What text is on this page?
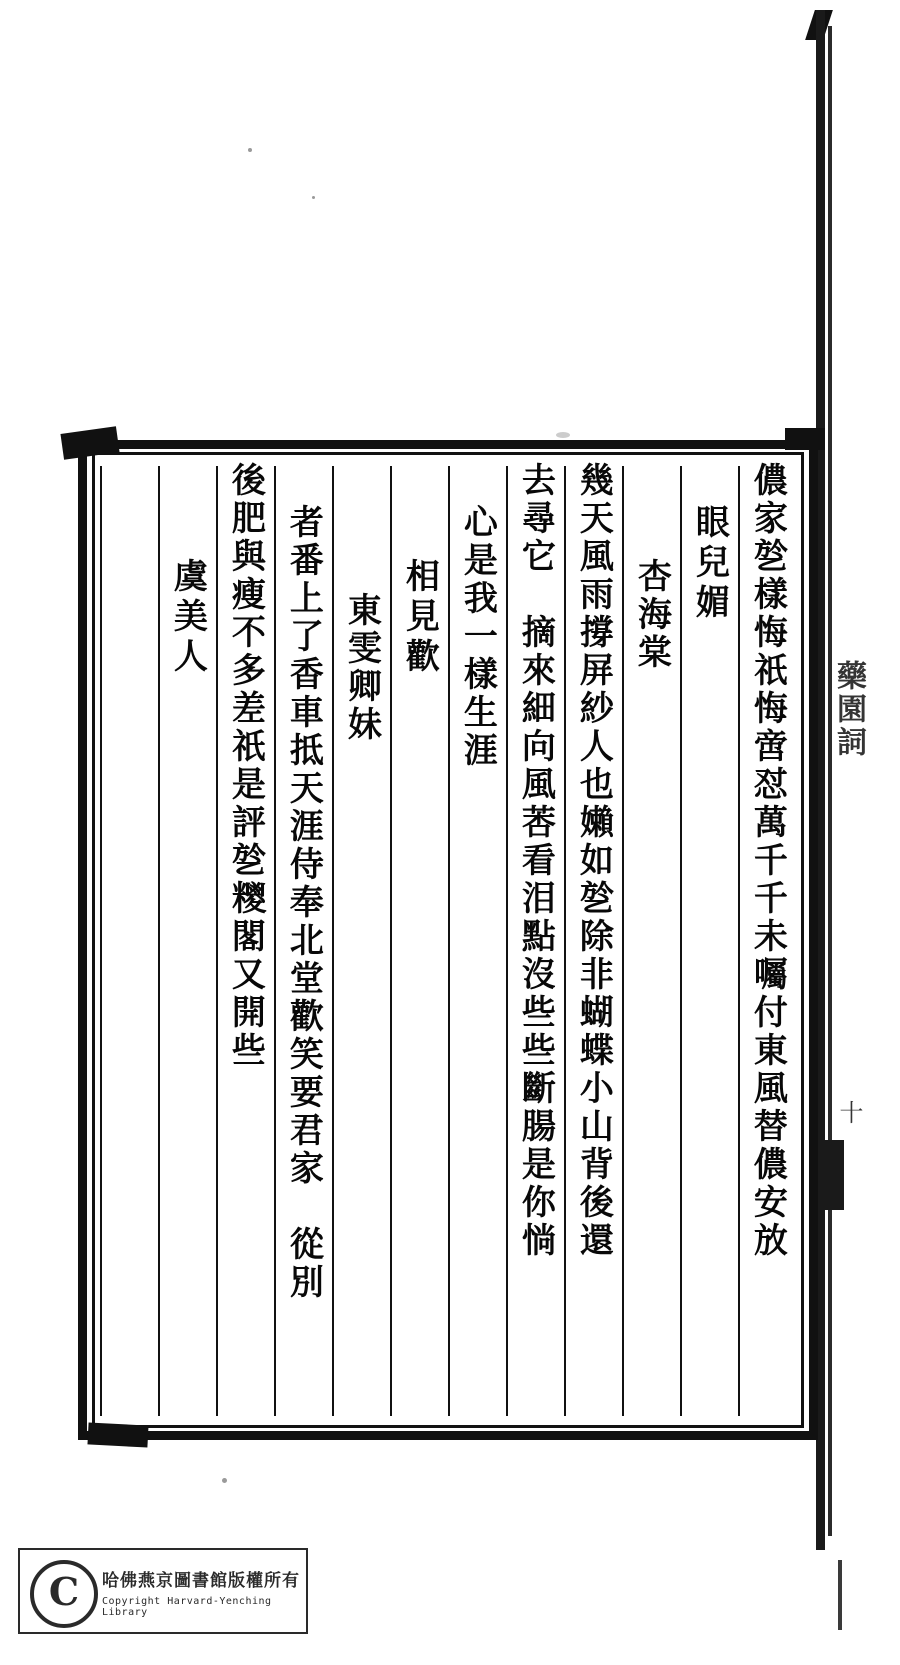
藥園詞
十
儂家乻樣悔祇悔啻怼萬千千未囑付東風替儂安放
眼兒媚
杏海棠
幾天風雨撐屏紗人也嬾如乻除非蝴蝶小山背後還
去尋它　摘來細向風莕看泪點沒些些斷腸是你惝
心是我一樣生涯
相見歡
東雯卿妹
者番上了香車抵天涯侍奉北堂歡笑要君家　從別
後肥與瘦不多差祇是評乻糭閣又開些
虞美人
C	哈佛燕京圖書館版權所有
Copyright Harvard-Yenching Library
